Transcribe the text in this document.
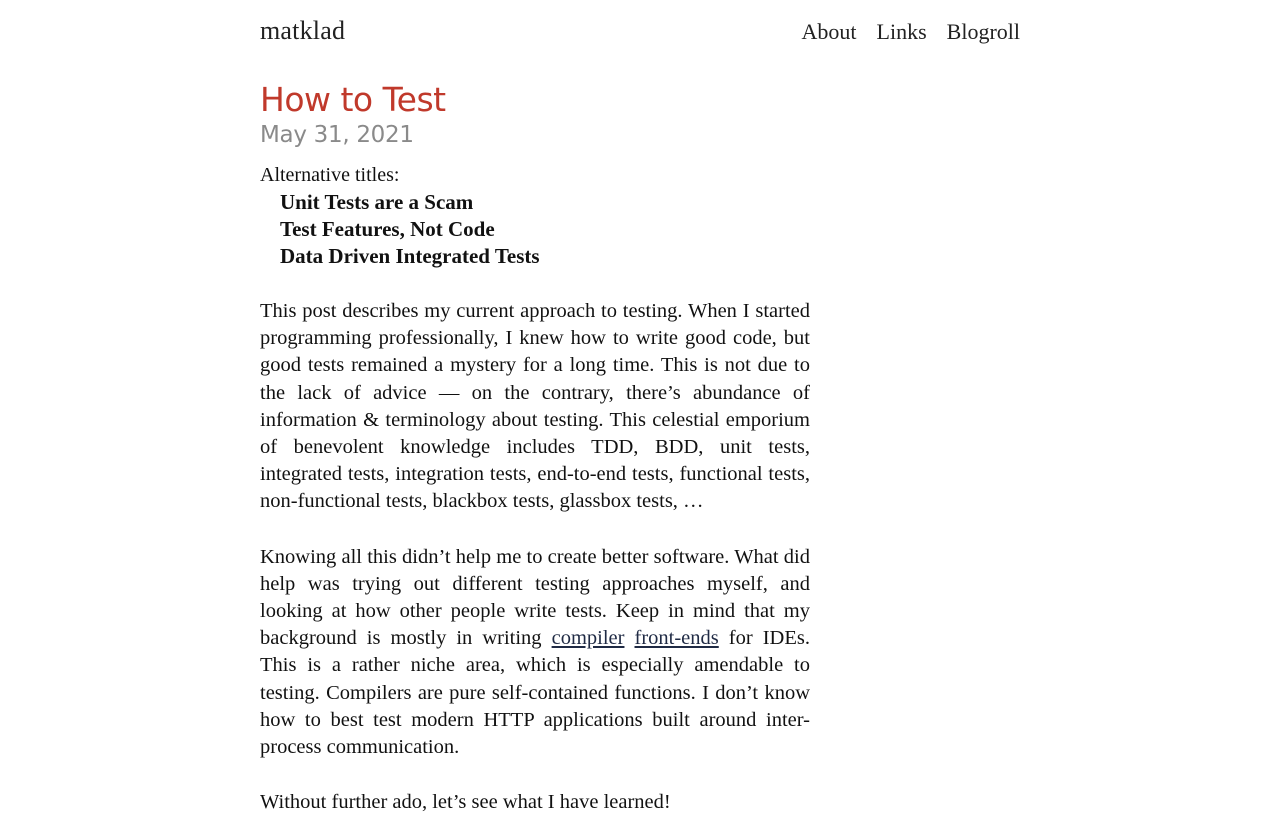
matklad	About Links Blogroll
How to Test

May 31, 2021

Alternative titles:
Unit Tests are a Scam
Test Features, Not Code
Data Driven Integrated Tests

This post describes my current approach to testing. When I started programming professionally, I knew how to write good code, but good tests remained a mystery for a long time. This is not due to the lack of advice — on the contrary, there’s abundance of information & terminology about testing. This celestial emporium of benevolent knowledge includes TDD, BDD, unit tests, integrated tests, integration tests, end-to-end tests, functional tests, non-functional tests, blackbox tests, glassbox tests, …

Knowing all this didn’t help me to create better software. What did help was trying out different testing approaches myself, and looking at how other people write tests. Keep in mind that my background is mostly in writing compiler front-ends for IDEs. This is a rather niche area, which is especially amendable to testing. Compilers are pure self-contained functions. I don’t know how to best test modern HTTP applications built around inter-process communication.

Without further ado, let’s see what I have learned!
